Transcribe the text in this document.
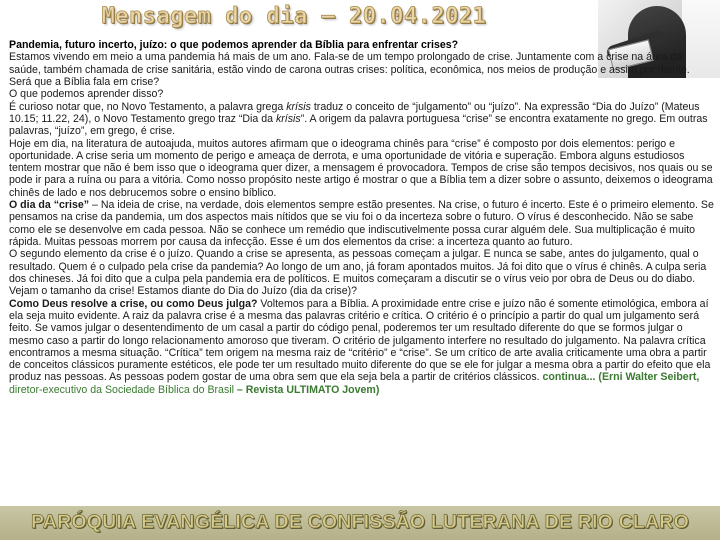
Mensagem do dia – 20.04.2021

Pandemia, futuro incerto, juízo: o que podemos aprender da Bíblia para enfrentar crises?

Estamos vivendo em meio a uma pandemia há mais de um ano. Fala-se de um tempo prolongado de crise. Juntamente com a crise na área da saúde, também chamada de crise sanitária, estão vindo de carona outras crises: política, econômica, nos meios de produção e assim por diante. Será que a Bíblia fala em crise?

O que podemos aprender disso?

É curioso notar que, no Novo Testamento, a palavra grega krísis traduz o conceito de “julgamento” ou “juízo”. Na expressão “Dia do Juízo” (Mateus 10.15; 11.22, 24), o Novo Testamento grego traz “Dia da krísis”. A origem da palavra portuguesa “crise” se encontra exatamente no grego. Em outras palavras, “juízo”, em grego, é crise.

Hoje em dia, na literatura de autoajuda, muitos autores afirmam que o ideograma chinês para “crise” é composto por dois elementos: perigo e oportunidade. A crise seria um momento de perigo e ameaça de derrota, e uma oportunidade de vitória e superação. Embora alguns estudiosos tentem mostrar que não é bem isso que o ideograma quer dizer, a mensagem é provocadora. Tempos de crise são tempos decisivos, nos quais ou se pode ir para a ruína ou para a vitória. Como nosso propósito neste artigo é mostrar o que a Bíblia tem a dizer sobre o assunto, deixemos o ideograma chinês de lado e nos debrucemos sobre o ensino bíblico.

O dia da “crise” – Na ideia de crise, na verdade, dois elementos sempre estão presentes. Na crise, o futuro é incerto. Este é o primeiro elemento. Se pensamos na crise da pandemia, um dos aspectos mais nítidos que se viu foi o da incerteza sobre o futuro. O vírus é desconhecido. Não se sabe como ele se desenvolve em cada pessoa. Não se conhece um remédio que indiscutivelmente possa curar alguém dele. Sua multiplicação é muito rápida. Muitas pessoas morrem por causa da infecção. Esse é um dos elementos da crise: a incerteza quanto ao futuro.

O segundo elemento da crise é o juízo. Quando a crise se apresenta, as pessoas começam a julgar. E nunca se sabe, antes do julgamento, qual o resultado. Quem é o culpado pela crise da pandemia? Ao longo de um ano, já foram apontados muitos. Já foi dito que o vírus é chinês. A culpa seria dos chineses. Já foi dito que a culpa pela pandemia era de políticos. E muitos começaram a discutir se o vírus veio por obra de Deus ou do diabo. Vejam o tamanho da crise! Estamos diante do Dia do Juízo (dia da crise)?

Como Deus resolve a crise, ou como Deus julga? Voltemos para a Bíblia. A proximidade entre crise e juízo não é somente etimológica, embora aí ela seja muito evidente. A raiz da palavra crise é a mesma das palavras critério e crítica. O critério é o princípio a partir do qual um julgamento será feito. Se vamos julgar o desentendimento de um casal a partir do código penal, poderemos ter um resultado diferente do que se formos julgar o mesmo caso a partir do longo relacionamento amoroso que tiveram. O critério de julgamento interfere no resultado do julgamento. Na palavra crítica encontramos a mesma situação. “Crítica” tem origem na mesma raiz de “critério” e “crise”. Se um crítico de arte avalia criticamente uma obra a partir de conceitos clássicos puramente estéticos, ele pode ter um resultado muito diferente do que se ele for julgar a mesma obra a partir do efeito que ela produz nas pessoas. As pessoas podem gostar de uma obra sem que ela seja bela a partir de critérios clássicos. continua... (Erni Walter Seibert, diretor-executivo da Sociedade Bíblica do Brasil – Revista ULTIMATO Jovem)

PARÓQUIA EVANGÉLICA DE CONFISSÃO LUTERANA DE RIO CLARO
